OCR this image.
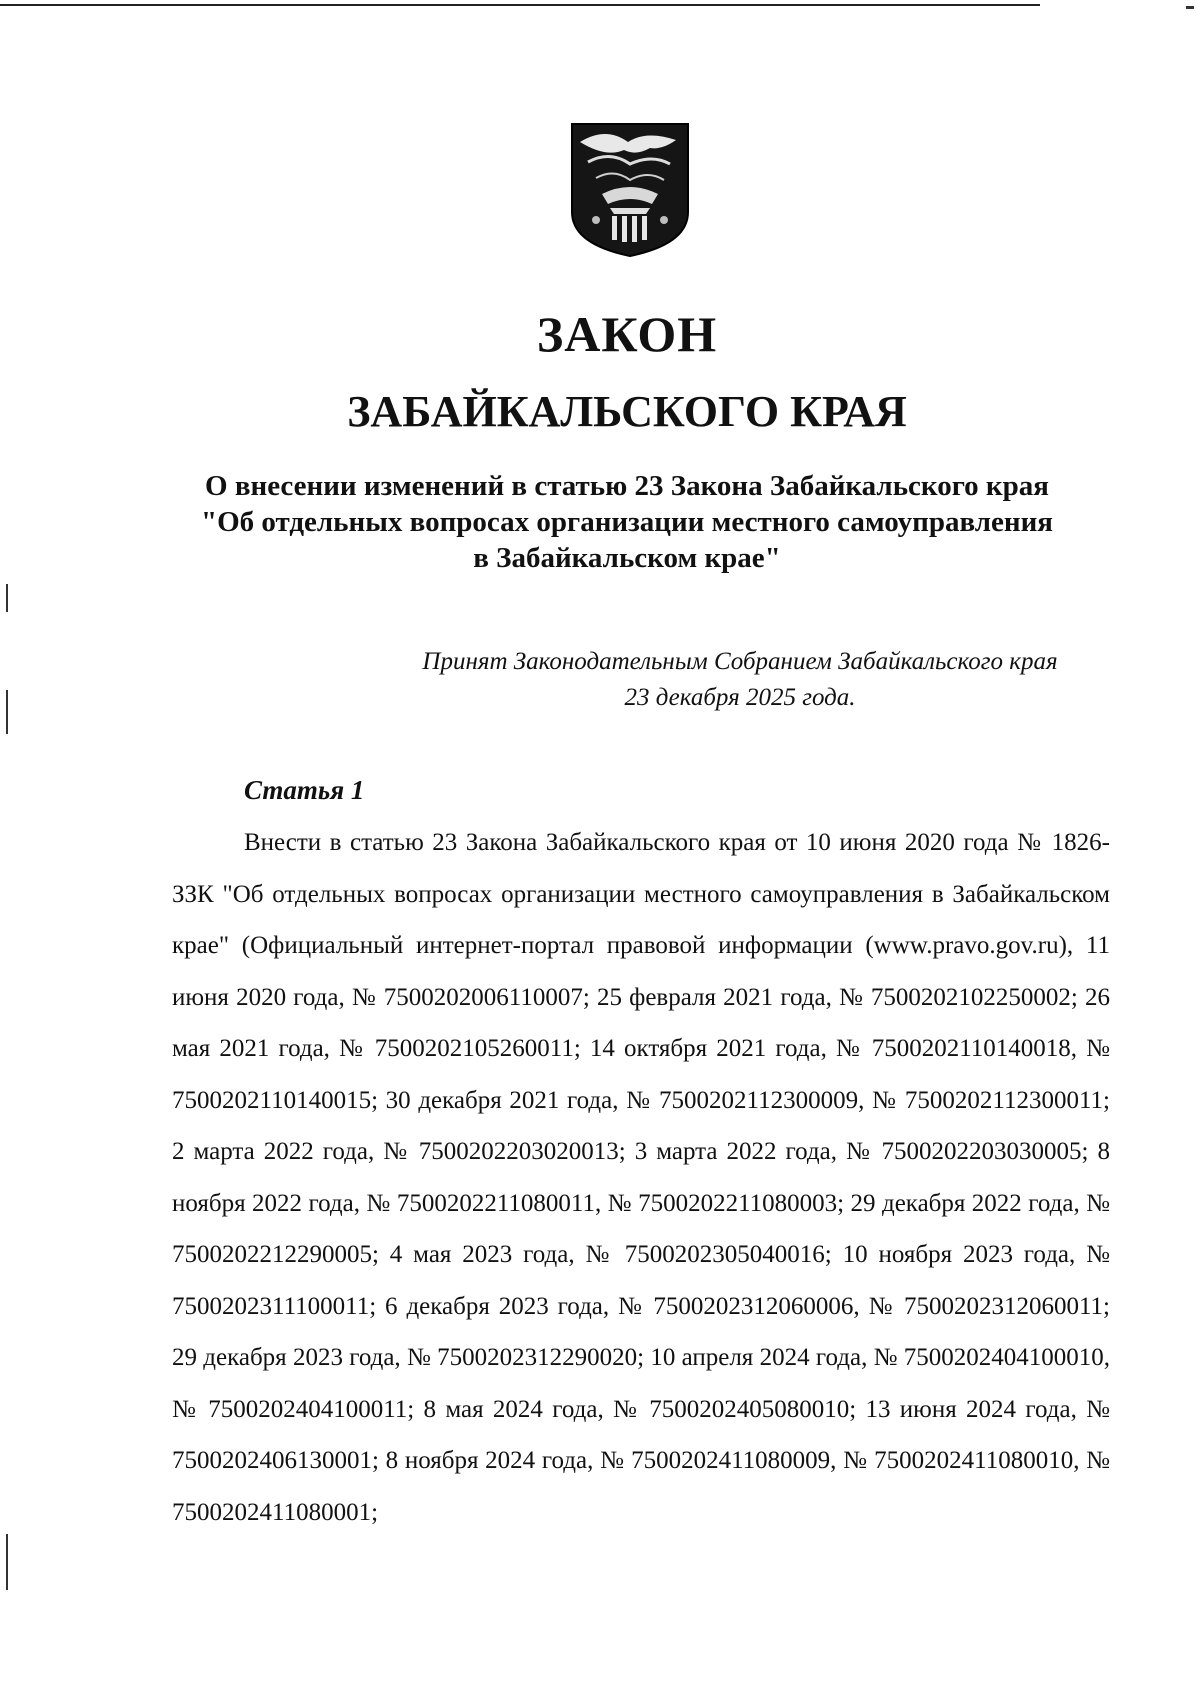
ЗАКОН
ЗАБАЙКАЛЬСКОГО КРАЯ
О внесении изменений в статью 23 Закона Забайкальского края
"Об отдельных вопросах организации местного самоуправления
в Забайкальском крае"
Принят Законодательным Собранием Забайкальского края
23 декабря 2025 года.
Статья 1

Внести в статью 23 Закона Забайкальского края от 10 июня 2020 года № 1826-ЗЗК "Об отдельных вопросах организации местного самоуправления в Забайкальском крае" (Официальный интернет-портал правовой информации (www.pravo.gov.ru), 11 июня 2020 года, № 7500202006110007; 25 февраля 2021 года, № 7500202102250002; 26 мая 2021 года, № 7500202105260011; 14 октября 2021 года, № 7500202110140018, № 7500202110140015; 30 декабря 2021 года, № 7500202112300009, № 7500202112300011; 2 марта 2022 года, № 7500202203020013; 3 марта 2022 года, № 7500202203030005; 8 ноября 2022 года, № 7500202211080011, № 7500202211080003; 29 декабря 2022 года, № 7500202212290005; 4 мая 2023 года, № 7500202305040016; 10 ноября 2023 года, № 7500202311100011; 6 декабря 2023 года, № 7500202312060006, № 7500202312060011; 29 декабря 2023 года, № 7500202312290020; 10 апреля 2024 года, № 7500202404100010, № 7500202404100011; 8 мая 2024 года, № 7500202405080010; 13 июня 2024 года, № 7500202406130001; 8 ноября 2024 года, № 7500202411080009, № 7500202411080010, № 7500202411080001;
